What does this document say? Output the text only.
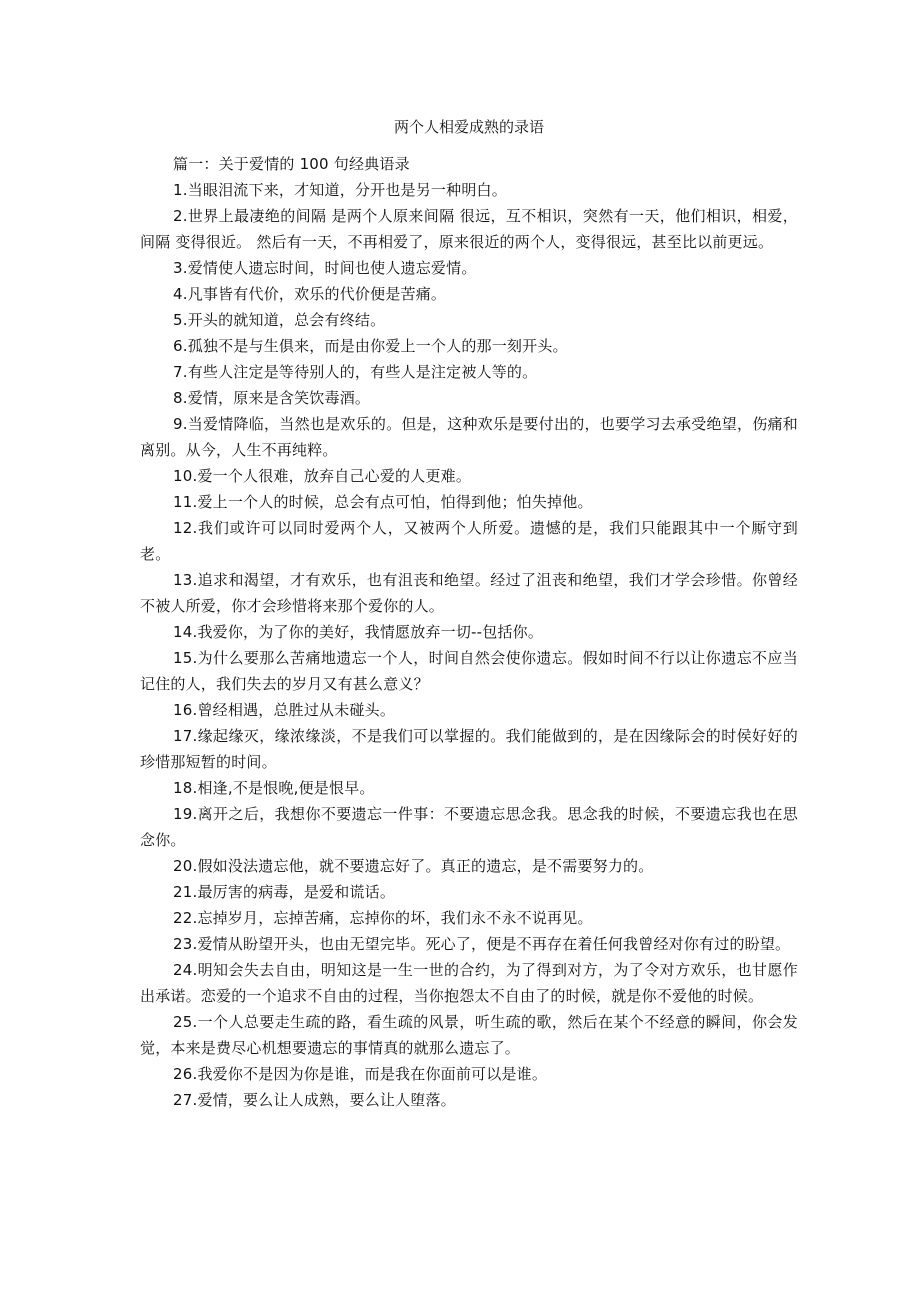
两个人相爱成熟的录语

篇一：关于爱情的 100 句经典语录

1.当眼泪流下来，才知道，分开也是另一种明白。

2.世界上最凄绝的间隔 是两个人原来间隔 很远，互不相识，突然有一天，他们相识，相爱，间隔 变得很近。 然后有一天，不再相爱了，原来很近的两个人，变得很远，甚至比以前更远。

3.爱情使人遗忘时间，时间也使人遗忘爱情。

4.凡事皆有代价，欢乐的代价便是苦痛。

5.开头的就知道，总会有终结。

6.孤独不是与生俱来，而是由你爱上一个人的那一刻开头。

7.有些人注定是等待别人的，有些人是注定被人等的。

8.爱情，原来是含笑饮毒酒。

9.当爱情降临，当然也是欢乐的。但是，这种欢乐是要付出的，也要学习去承受绝望，伤痛和离别。从今，人生不再纯粹。

10.爱一个人很难，放弃自己心爱的人更难。

11.爱上一个人的时候，总会有点可怕，怕得到他；怕失掉他。

12.我们或许可以同时爱两个人，又被两个人所爱。遗憾的是，我们只能跟其中一个厮守到老。

13.追求和渴望，才有欢乐，也有沮丧和绝望。经过了沮丧和绝望，我们才学会珍惜。你曾经不被人所爱，你才会珍惜将来那个爱你的人。

14.我爱你，为了你的美好，我情愿放弃一切--包括你。

15.为什么要那么苦痛地遗忘一个人，时间自然会使你遗忘。假如时间不行以让你遗忘不应当记住的人，我们失去的岁月又有甚么意义？

16.曾经相遇，总胜过从未碰头。

17.缘起缘灭，缘浓缘淡，不是我们可以掌握的。我们能做到的，是在因缘际会的时侯好好的珍惜那短暂的时间。

18.相逢,不是恨晚,便是恨早。

19.离开之后，我想你不要遗忘一件事：不要遗忘思念我。思念我的时候，不要遗忘我也在思念你。

20.假如没法遗忘他，就不要遗忘好了。真正的遗忘，是不需要努力的。

21.最厉害的病毒，是爱和谎话。

22.忘掉岁月，忘掉苦痛，忘掉你的坏，我们永不永不说再见。

23.爱情从盼望开头，也由无望完毕。死心了，便是不再存在着任何我曾经对你有过的盼望。

24.明知会失去自由，明知这是一生一世的合约，为了得到对方，为了令对方欢乐，也甘愿作出承诺。恋爱的一个追求不自由的过程，当你抱怨太不自由了的时候，就是你不爱他的时候。

25.一个人总要走生疏的路，看生疏的风景，听生疏的歌，然后在某个不经意的瞬间，你会发觉，本来是费尽心机想要遗忘的事情真的就那么遗忘了。

26.我爱你不是因为你是谁，而是我在你面前可以是谁。

27.爱情，要么让人成熟，要么让人堕落。
